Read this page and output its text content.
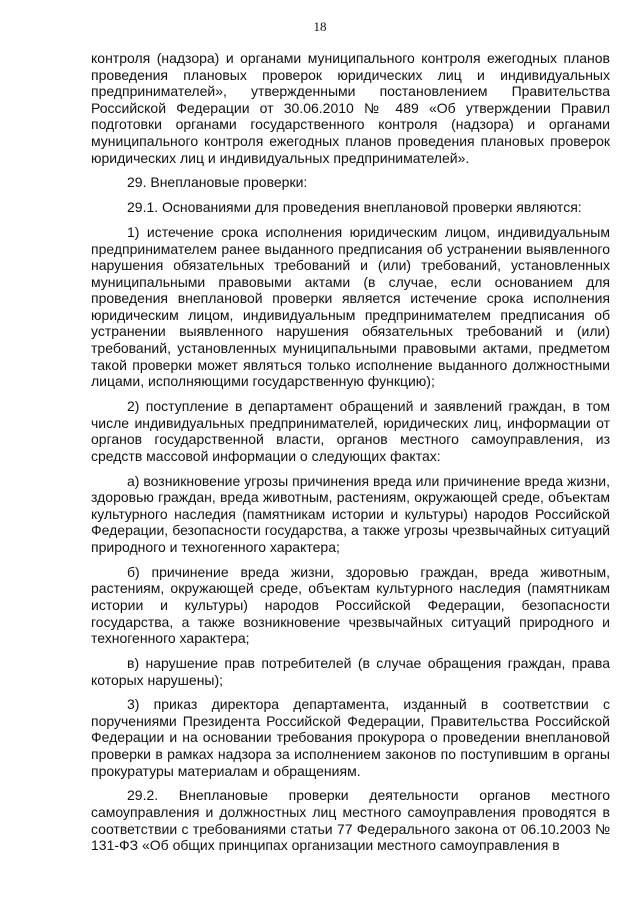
18

контроля (надзора) и органами муниципального контроля ежегодных планов проведения плановых проверок юридических лиц и индивидуальных предпринимателей», утвержденными постановлением Правительства Российской Федерации от 30.06.2010 № 489 «Об утверждении Правил подготовки органами государственного контроля (надзора) и органами муниципального контроля ежегодных планов проведения плановых проверок юридических лиц и индивидуальных предпринимателей».

29. Внеплановые проверки:

29.1. Основаниями для проведения внеплановой проверки являются:

1) истечение срока исполнения юридическим лицом, индивидуальным предпринимателем ранее выданного предписания об устранении выявленного нарушения обязательных требований и (или) требований, установленных муниципальными правовыми актами (в случае, если основанием для проведения внеплановой проверки является истечение срока исполнения юридическим лицом, индивидуальным предпринимателем предписания об устранении выявленного нарушения обязательных требований и (или) требований, установленных муниципальными правовыми актами, предметом такой проверки может являться только исполнение выданного должностными лицами, исполняющими государственную функцию);

2) поступление в департамент обращений и заявлений граждан, в том числе индивидуальных предпринимателей, юридических лиц, информации от органов государственной власти, органов местного самоуправления, из средств массовой информации о следующих фактах:

а) возникновение угрозы причинения вреда или причинение вреда жизни, здоровью граждан, вреда животным, растениям, окружающей среде, объектам культурного наследия (памятникам истории и культуры) народов Российской Федерации, безопасности государства, а также угрозы чрезвычайных ситуаций природного и техногенного характера;

б) причинение вреда жизни, здоровью граждан, вреда животным, растениям, окружающей среде, объектам культурного наследия (памятникам истории и культуры) народов Российской Федерации, безопасности государства, а также возникновение чрезвычайных ситуаций природного и техногенного характера;

в) нарушение прав потребителей (в случае обращения граждан, права которых нарушены);

3) приказ директора департамента, изданный в соответствии с поручениями Президента Российской Федерации, Правительства Российской Федерации и на основании требования прокурора о проведении внеплановой проверки в рамках надзора за исполнением законов по поступившим в органы прокуратуры материалам и обращениям.

29.2. Внеплановые проверки деятельности органов местного самоуправления и должностных лиц местного самоуправления проводятся в соответствии с требованиями статьи 77 Федерального закона от 06.10.2003 № 131-ФЗ «Об общих принципах организации местного самоуправления в
